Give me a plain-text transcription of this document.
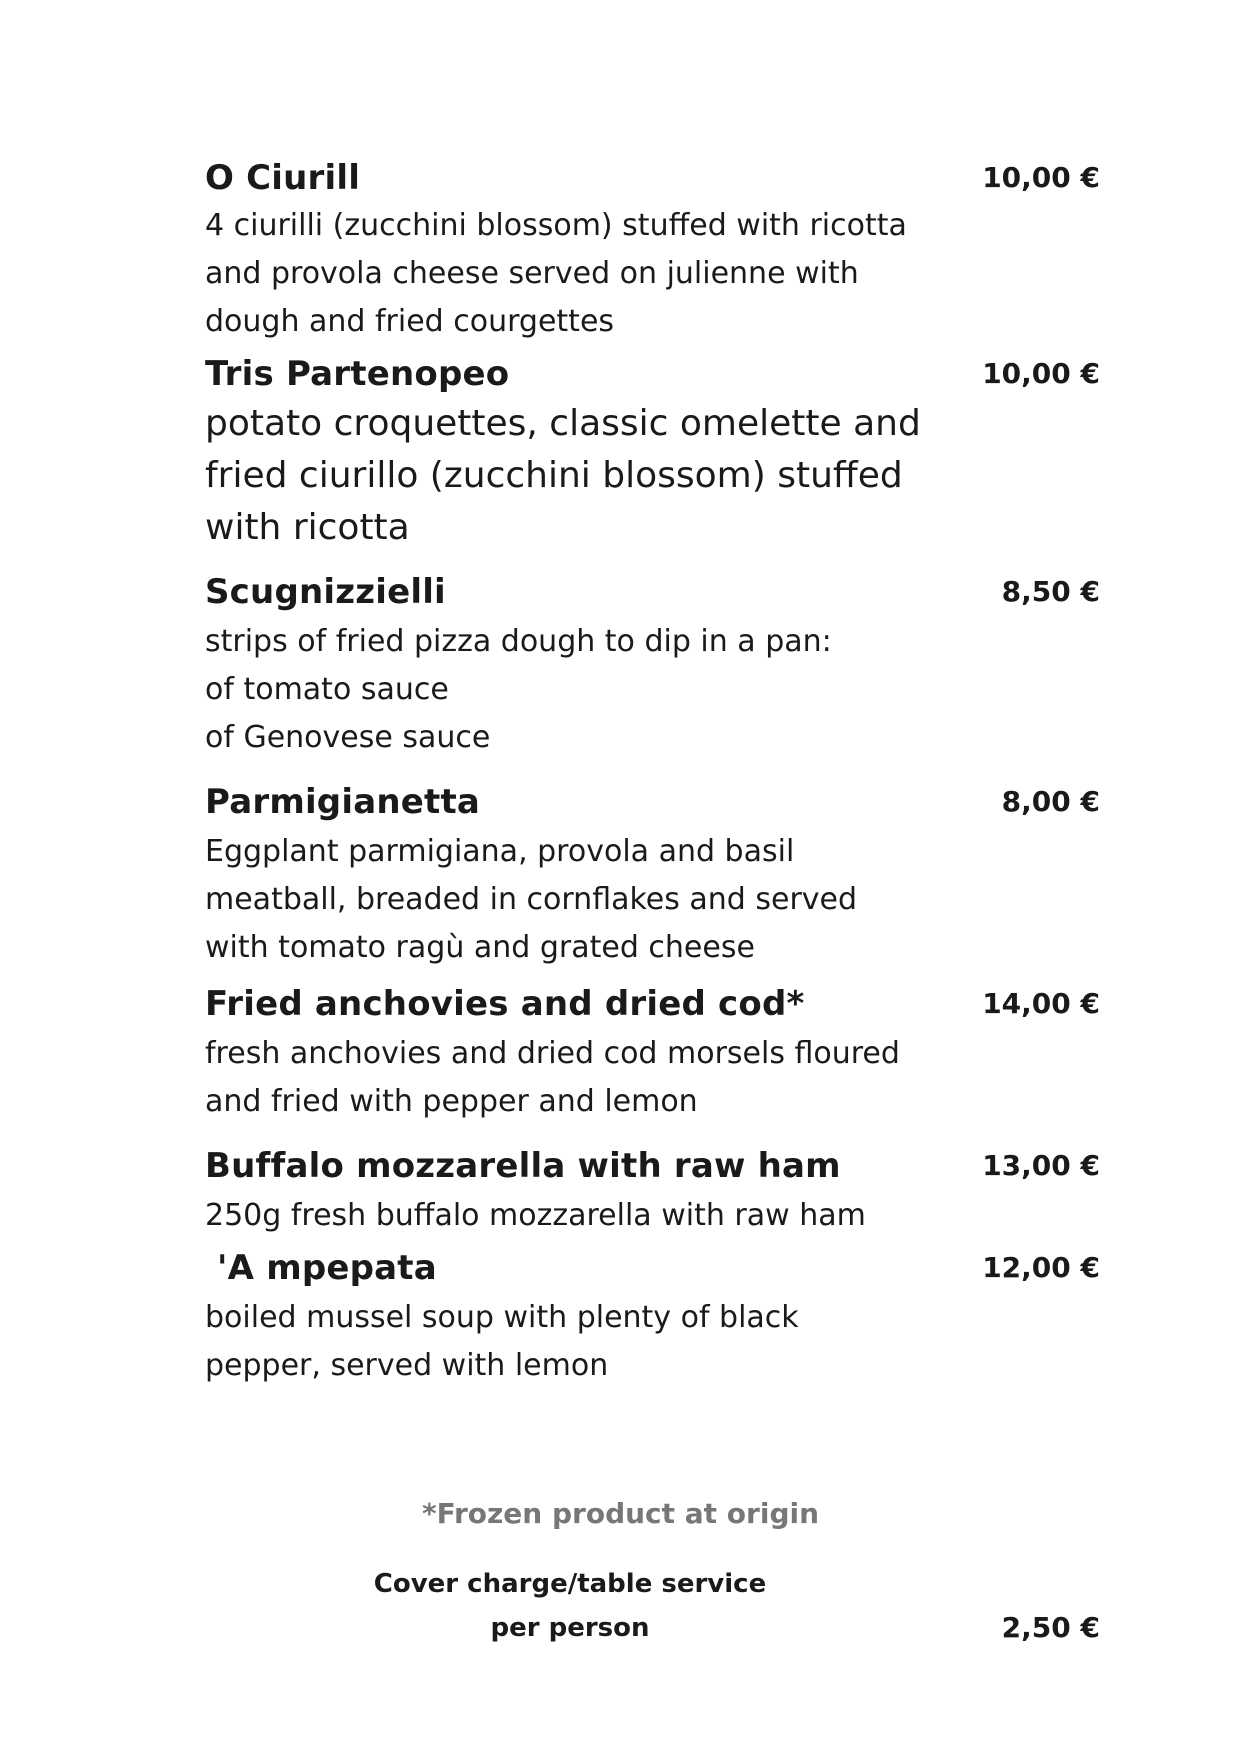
O Ciurill	10,00 €
4 ciurilli (zucchini blossom) stuffed with ricotta
and provola cheese served on julienne with
dough and fried courgettes
Tris Partenopeo	10,00 €
potato croquettes, classic omelette and
fried ciurillo (zucchini blossom) stuffed
with ricotta
Scugnizzielli	8,50 €
strips of fried pizza dough to dip in a pan:
of tomato sauce
of Genovese sauce
Parmigianetta	8,00 €
Eggplant parmigiana, provola and basil
meatball, breaded in cornflakes and served
with tomato ragù and grated cheese
Fried anchovies and dried cod*	14,00 €
fresh anchovies and dried cod morsels floured
and fried with pepper and lemon
Buffalo mozzarella with raw ham	13,00 €
250g fresh buffalo mozzarella with raw ham
'A mpepata	12,00 €
boiled mussel soup with plenty of black
pepper, served with lemon
*Frozen product at origin
Cover charge/table service
per person	2,50 €
